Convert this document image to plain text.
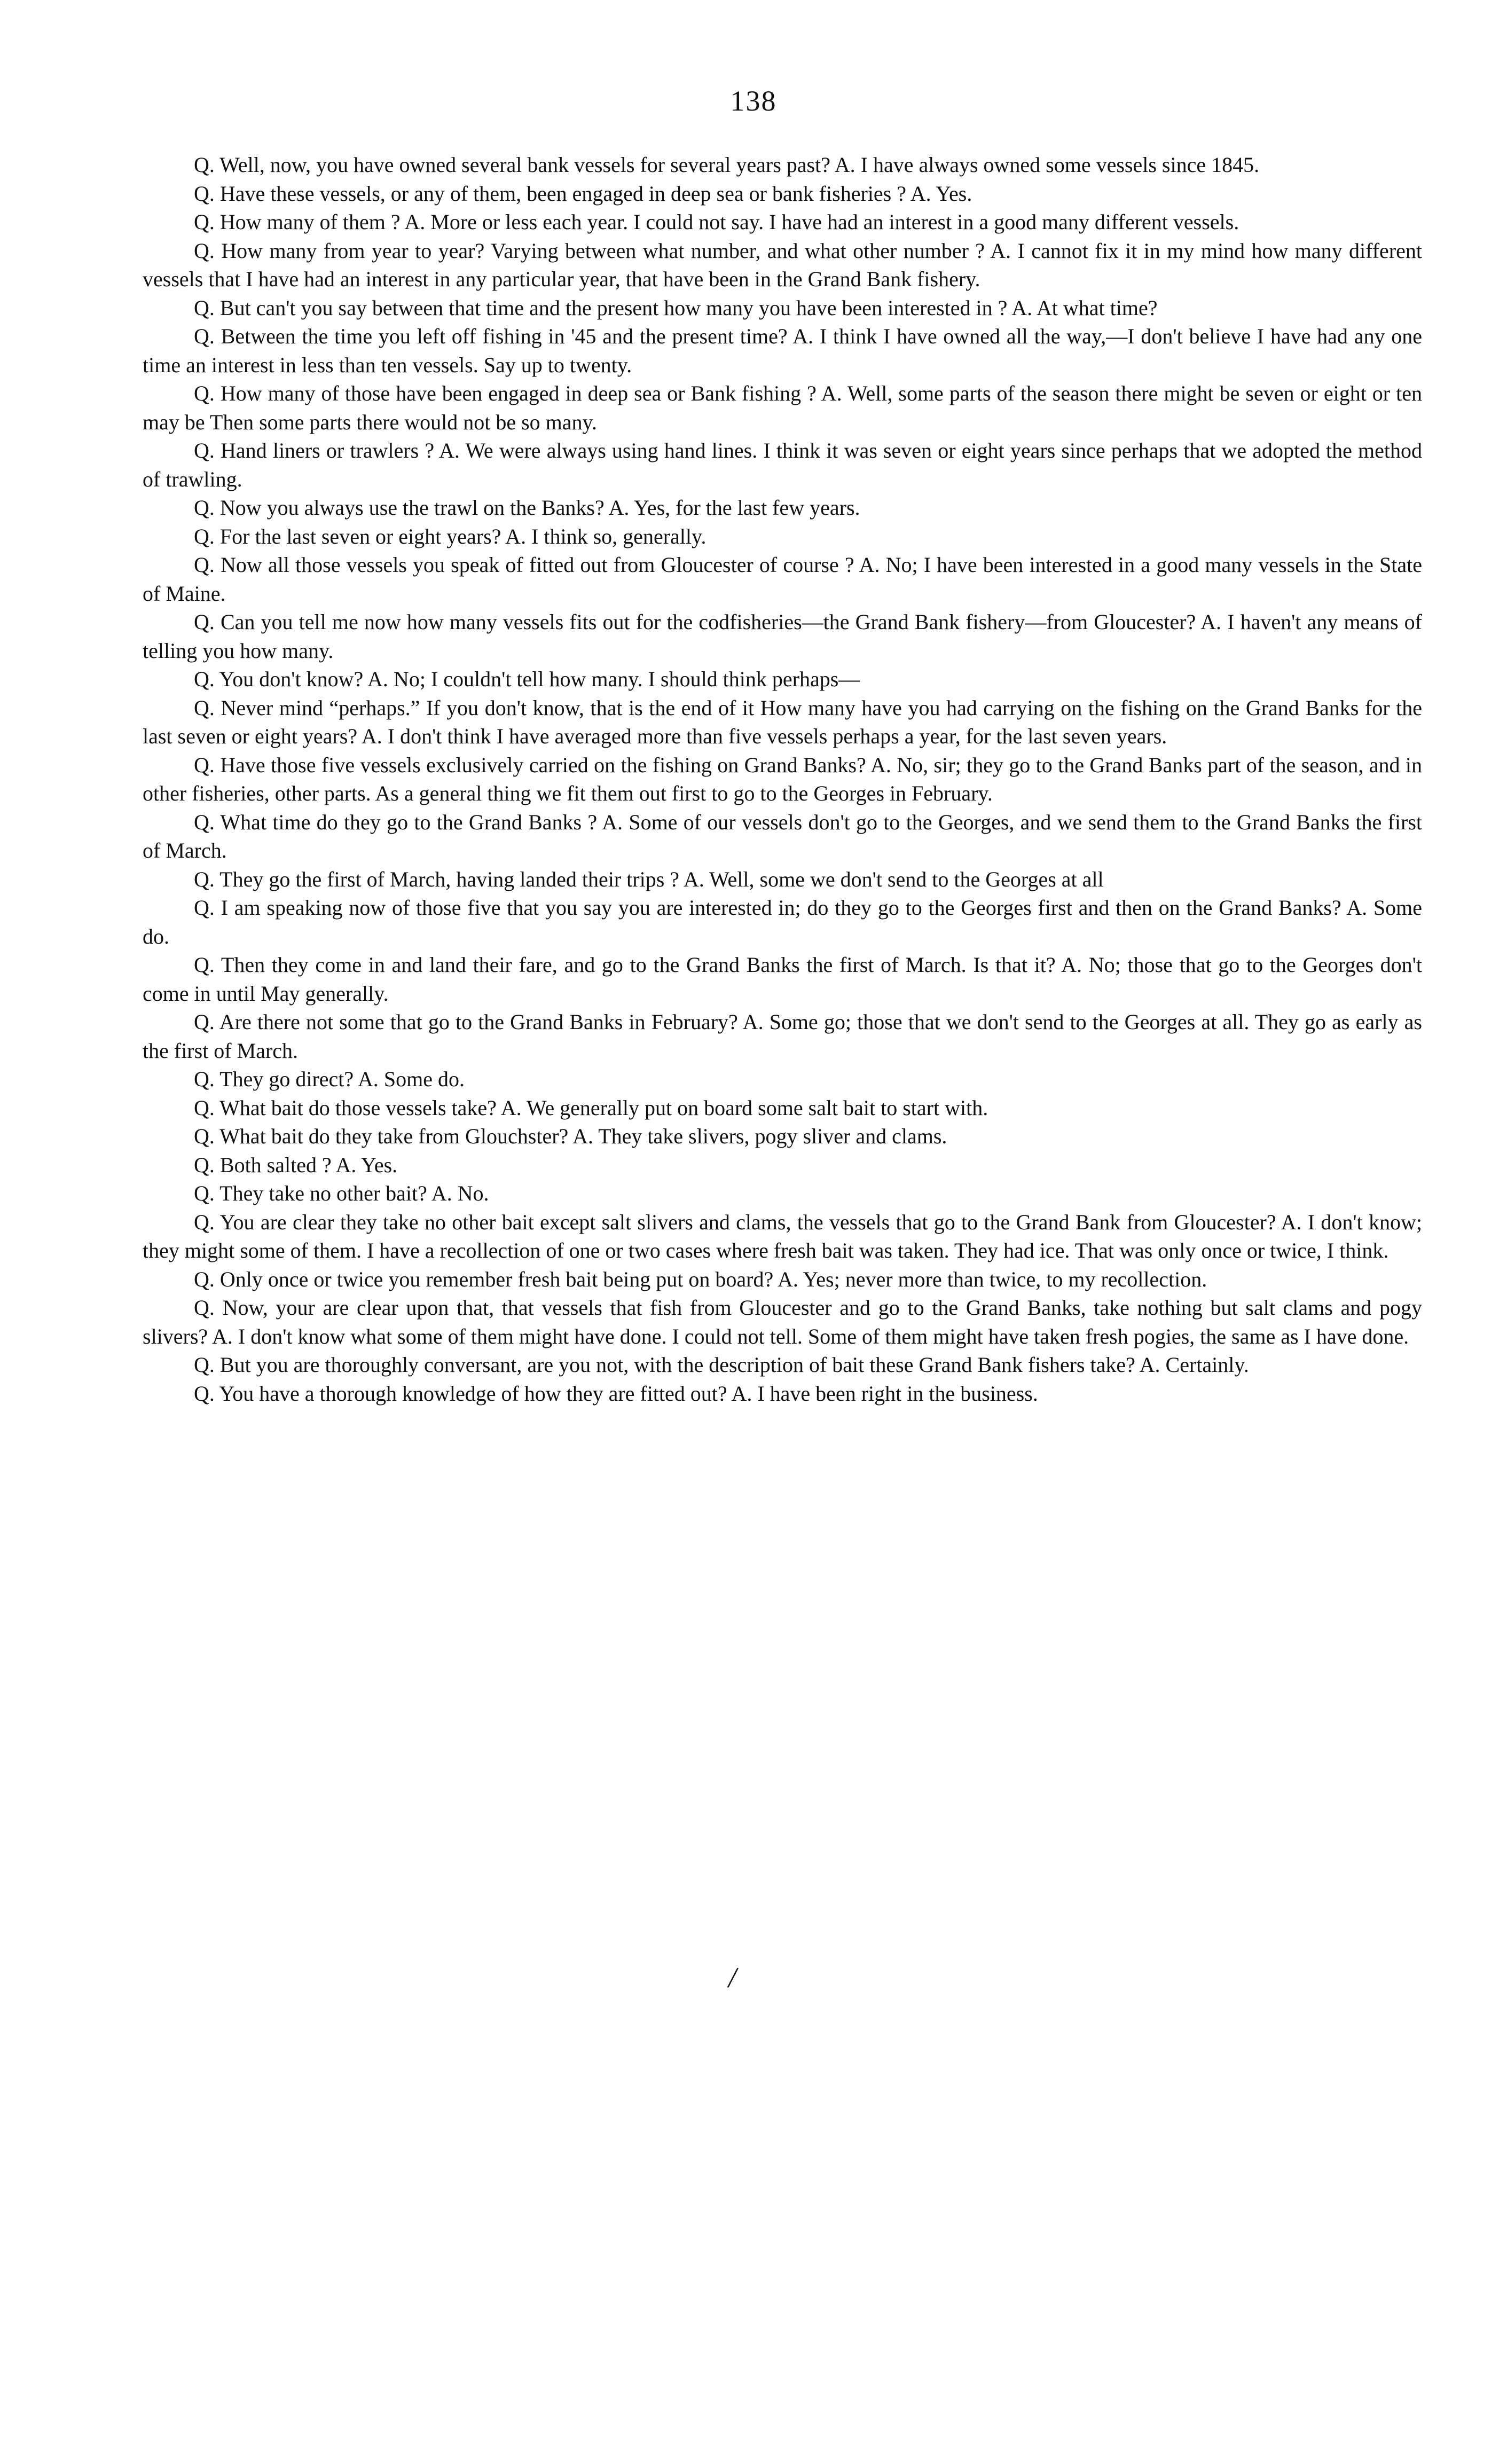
138

Q. Well, now, you have owned several bank vessels for several years past? A. I have always owned some vessels since 1845.

Q. Have these vessels, or any of them, been engaged in deep sea or bank fisheries ? A. Yes.

Q. How many of them ? A. More or less each year. I could not say. I have had an interest in a good many different vessels.

Q. How many from year to year? Varying between what number, and what other number ? A. I cannot fix it in my mind how many different vessels that I have had an interest in any particular year, that have been in the Grand Bank fishery.

Q. But can't you say between that time and the present how many you have been interested in ? A. At what time?

Q. Between the time you left off fishing in '45 and the present time? A. I think I have owned all the way,—I don't believe I have had any one time an interest in less than ten vessels. Say up to twenty.

Q. How many of those have been engaged in deep sea or Bank fishing ? A. Well, some parts of the season there might be seven or eight or ten may be Then some parts there would not be so many.

Q. Hand liners or trawlers ? A. We were always using hand lines. I think it was seven or eight years since perhaps that we adopted the method of trawling.

Q. Now you always use the trawl on the Banks? A. Yes, for the last few years.

Q. For the last seven or eight years? A. I think so, generally.

Q. Now all those vessels you speak of fitted out from Gloucester of course ? A. No; I have been interested in a good many vessels in the State of Maine.

Q. Can you tell me now how many vessels fits out for the codfisheries—the Grand Bank fishery—from Gloucester? A. I haven't any means of telling you how many.

Q. You don't know? A. No; I couldn't tell how many. I should think perhaps—

Q. Never mind “perhaps.” If you don't know, that is the end of it How many have you had carrying on the fishing on the Grand Banks for the last seven or eight years? A. I don't think I have averaged more than five vessels perhaps a year, for the last seven years.

Q. Have those five vessels exclusively carried on the fishing on Grand Banks? A. No, sir; they go to the Grand Banks part of the season, and in other fisheries, other parts. As a general thing we fit them out first to go to the Georges in February.

Q. What time do they go to the Grand Banks ? A. Some of our vessels don't go to the Georges, and we send them to the Grand Banks the first of March.

Q. They go the first of March, having landed their trips ? A. Well, some we don't send to the Georges at all

Q. I am speaking now of those five that you say you are interested in; do they go to the Georges first and then on the Grand Banks? A. Some do.

Q. Then they come in and land their fare, and go to the Grand Banks the first of March. Is that it? A. No; those that go to the Georges don't come in until May generally.

Q. Are there not some that go to the Grand Banks in February? A. Some go; those that we don't send to the Georges at all. They go as early as the first of March.

Q. They go direct? A. Some do.

Q. What bait do those vessels take? A. We generally put on board some salt bait to start with.

Q. What bait do they take from Glouchster? A. They take slivers, pogy sliver and clams.

Q. Both salted ? A. Yes.

Q. They take no other bait? A. No.

Q. You are clear they take no other bait except salt slivers and clams, the vessels that go to the Grand Bank from Gloucester? A. I don't know; they might some of them. I have a recollection of one or two cases where fresh bait was taken. They had ice. That was only once or twice, I think.

Q. Only once or twice you remember fresh bait being put on board? A. Yes; never more than twice, to my recollection.

Q. Now, your are clear upon that, that vessels that fish from Gloucester and go to the Grand Banks, take nothing but salt clams and pogy slivers? A. I don't know what some of them might have done. I could not tell. Some of them might have taken fresh pogies, the same as I have done.

Q. But you are thoroughly conversant, are you not, with the description of bait these Grand Bank fishers take? A. Certainly.

Q. You have a thorough knowledge of how they are fitted out? A. I have been right in the business.

/
